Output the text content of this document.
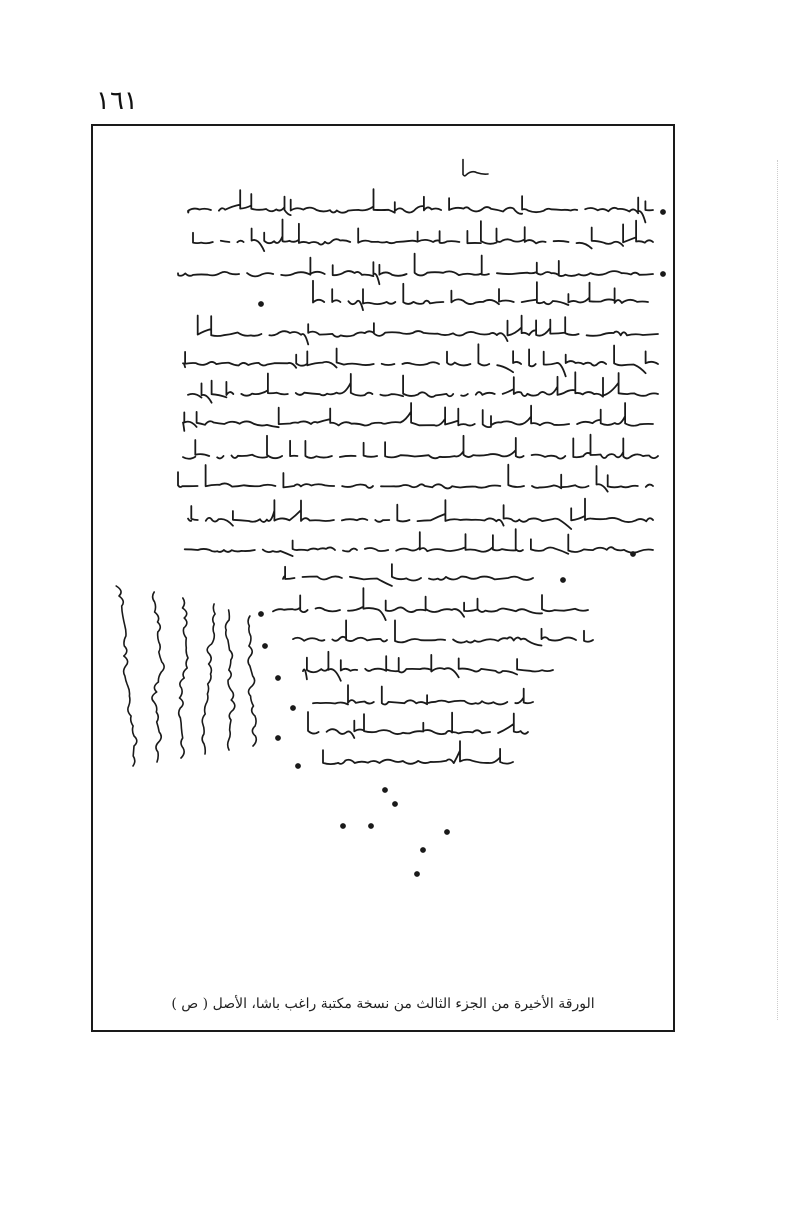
١٦١
الورقة الأخيرة من الجزء الثالث من نسخة مكتبة راغب باشا، الأصل ( ص )
